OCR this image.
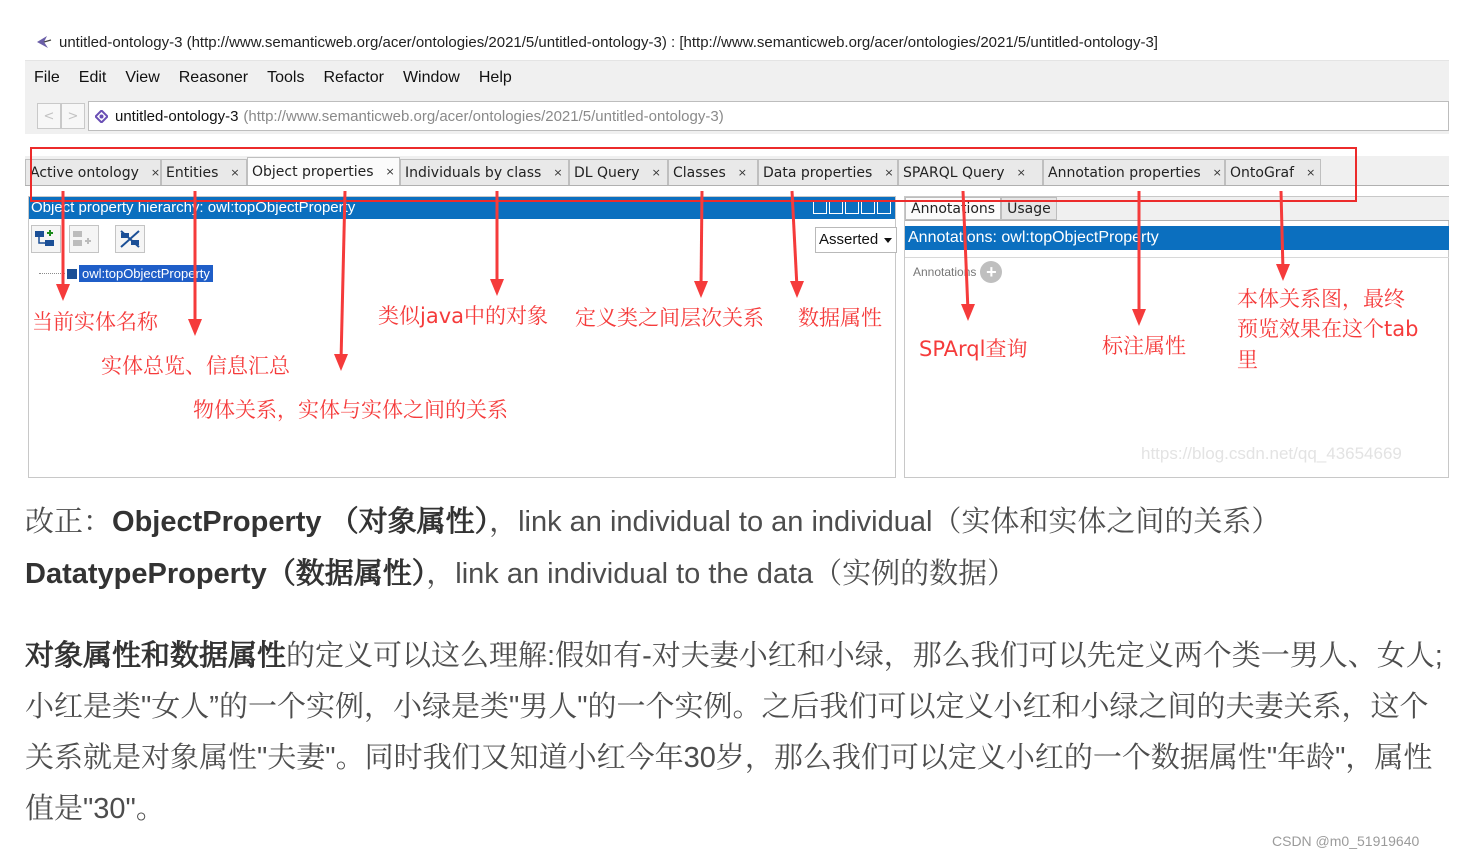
untitled-ontology-3 (http://www.semanticweb.org/acer/ontologies/2021/5/untitled-ontology-3) : [http://www.semanticweb.org/acer/ontologies/2021/5/untitled-ontology-3]
File Edit View Reasoner Tools Refactor Window Help
<	>	untitled-ontology-3 (http://www.semanticweb.org/acer/ontologies/2021/5/untitled-ontology-3)
Active ontology × Entities × Object properties × Individuals by class × DL Query × Classes × Data properties × SPARQL Query × Annotation properties × OntoGraf ×
Object property hierarchy: owl:topObjectProperty
Asserted
owl:topObjectProperty
Annotations Usage
Annotations: owl:topObjectProperty
Annotations +
https://blog.csdn.net/qq_43654669
当前实体名称
实体总览、信息汇总
物体关系，实体与实体之间的关系
类似java中的对象 定义类之间层次关系 数据属性
SPArql查询	标注属性
本体关系图，最终
预览效果在这个tab
里
改正：ObjectProperty （对象属性），link an individual to an individual（实体和实体之间的关系）
DatatypeProperty（数据属性），link an individual to the data（实例的数据）
对象属性和数据属性的定义可以这么理解:假如有-对夫妻小红和小绿，那么我们可以先定义两个类一男人、女人;小红是类"女人”的一个实例，小绿是类"男人"的一个实例。之后我们可以定义小红和小绿之间的夫妻关系，这个关系就是对象属性"夫妻"。同时我们又知道小红今年30岁，那么我们可以定义小红的一个数据属性"年龄"，属性值是"30"。
CSDN @m0_51919640
